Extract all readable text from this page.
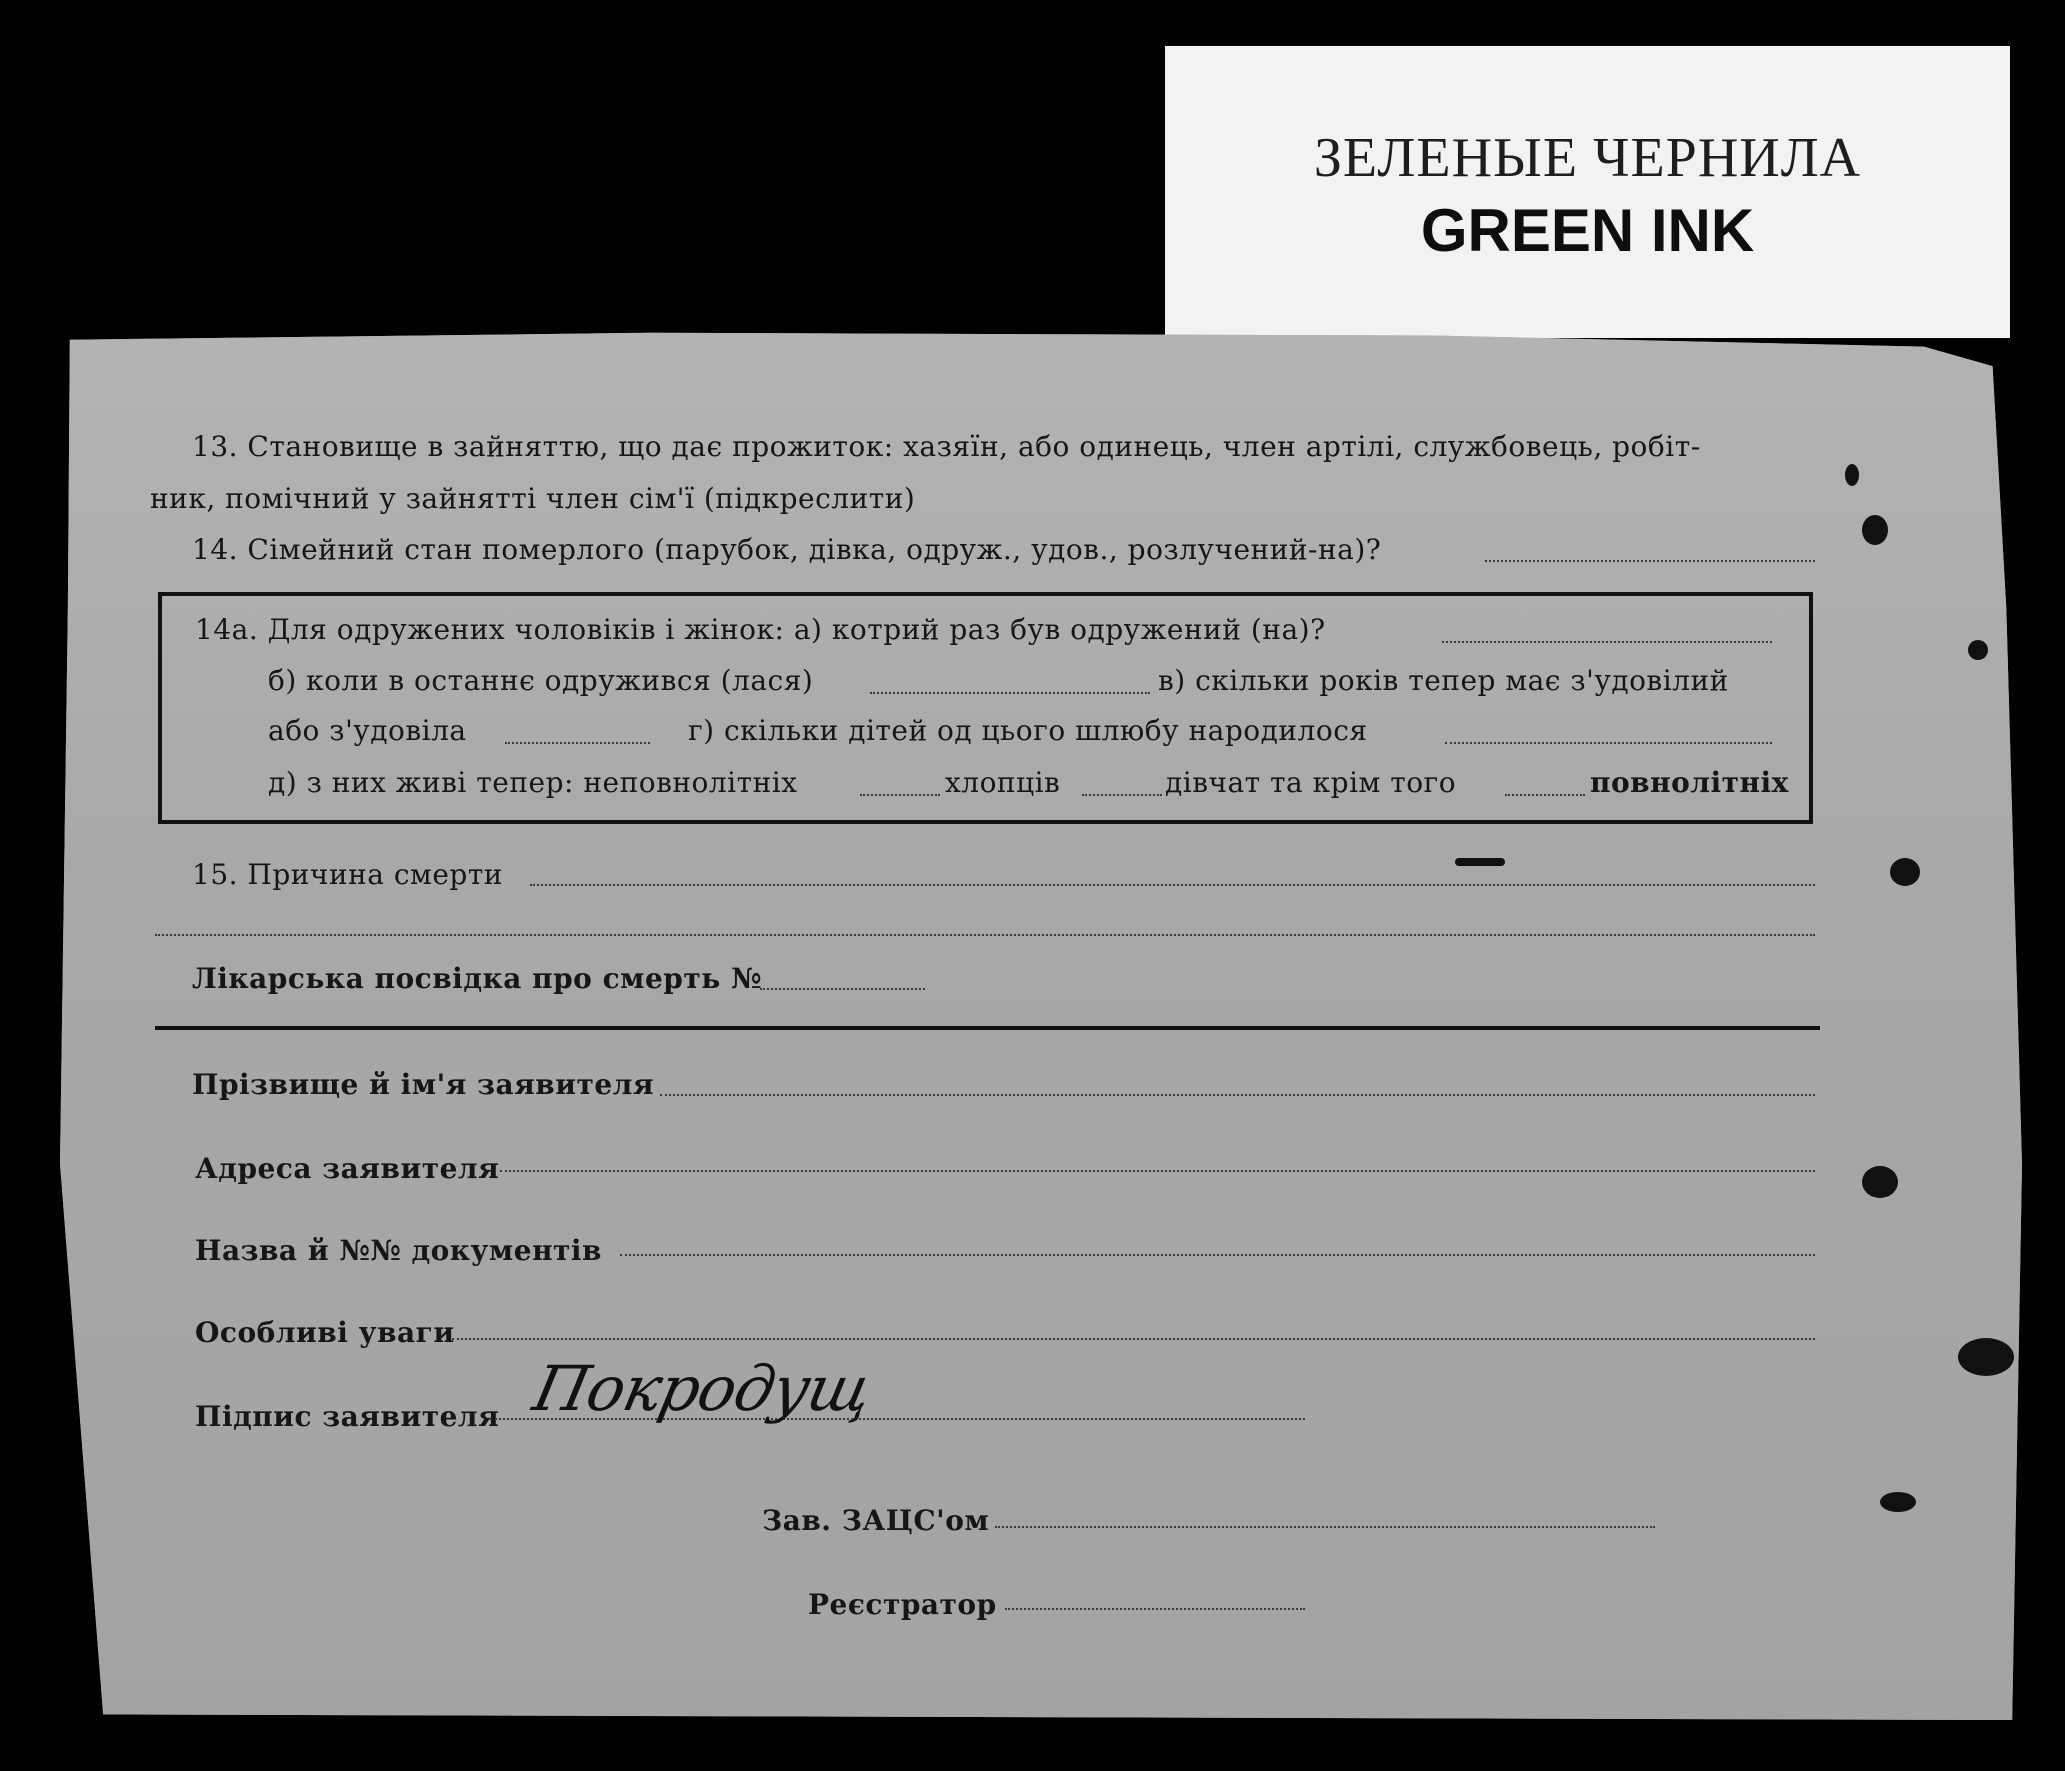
ЗЕЛЕНЫЕ ЧЕРНИЛА
GREEN INK
13. Становище в зайняттю, що дає прожиток: хазяїн, або одинець, член артілі, службовець, робіт-
ник, помічний у зайнятті член сім'ї (підкреслити)
14. Сімейний стан померлого (парубок, дівка, одруж., удов., розлучений-на)?
14а. Для одружених чоловіків і жінок: а) котрий раз був одружений (на)?
б) коли в останнє одружився (лася)	в) скільки років тепер має з'удовілий
або з'удовіла	г) скільки дітей од цього шлюбу народилося
д) з них живі тепер: неповнолітніх	хлопців	дівчат та крім того	повнолітніх
15. Причина смерти
Лікарська посвідка про смерть №
Прізвище й ім'я заявителя
Адреса заявителя
Назва й №№ документів
Особливі уваги
Підпис заявителя Покродущ
Зав. ЗАЦС'ом
Реєстратор
